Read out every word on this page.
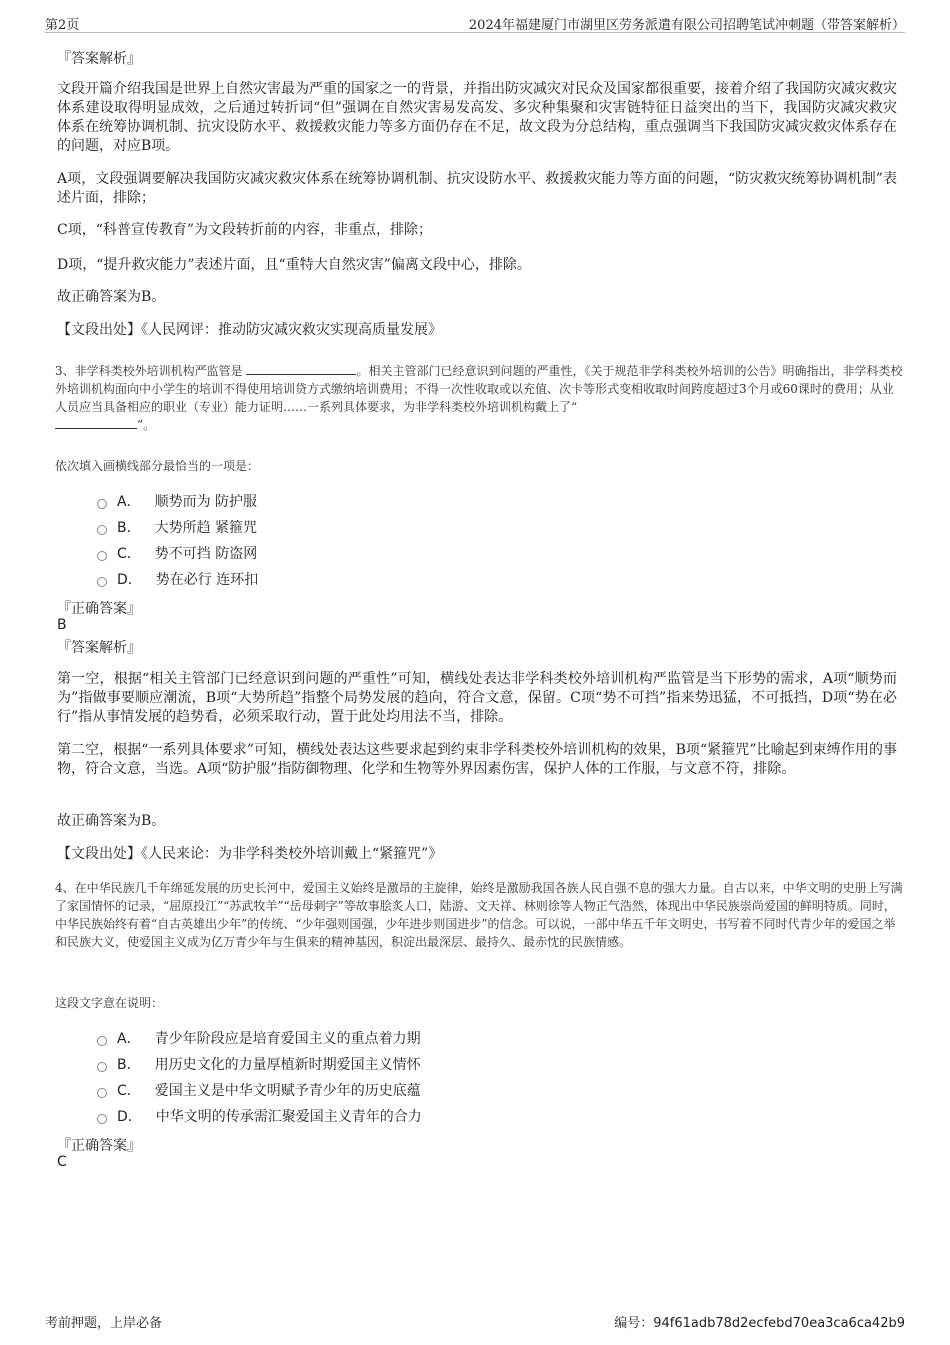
第2页	2024年福建厦门市湖里区劳务派遣有限公司招聘笔试冲刺题（带答案解析）
『答案解析』

文段开篇介绍我国是世界上自然灾害最为严重的国家之一的背景，并指出防灾减灾对民众及国家都很重要，接着介绍了我国防灾减灾救灾体系建设取得明显成效，之后通过转折词“但”强调在自然灾害易发高发、多灾种集聚和灾害链特征日益突出的当下，我国防灾减灾救灾体系在统筹协调机制、抗灾设防水平、救援救灾能力等多方面仍存在不足，故文段为分总结构，重点强调当下我国防灾减灾救灾体系存在的问题，对应B项。

A项，文段强调要解决我国防灾减灾救灾体系在统筹协调机制、抗灾设防水平、救援救灾能力等方面的问题，“防灾救灾统筹协调机制”表述片面，排除；

C项，“科普宣传教育”为文段转折前的内容，非重点，排除；

D项，“提升救灾能力”表述片面，且“重特大自然灾害”偏离文段中心，排除。

故正确答案为B。

【文段出处】《人民网评：推动防灾减灾救灾实现高质量发展》

3、非学科类校外培训机构严监管是	。相关主管部门已经意识到问题的严重性，《关于规范非学科类校外培训的公告》明确指出，非学科类校外培训机构面向中小学生的培训不得使用培训贷方式缴纳培训费用；不得一次性收取或以充值、次卡等形式变相收取时间跨度超过3个月或60课时的费用；从业人员应当具备相应的职业（专业）能力证明……一系列具体要求，为非学科类校外培训机构戴上了“
”。
依次填入画横线部分最恰当的一项是：
A． 顺势而为 防护服
B． 大势所趋 紧箍咒
C． 势不可挡 防盗网
D． 势在必行 连环扣
『正确答案』
B
『答案解析』

第一空，根据“相关主管部门已经意识到问题的严重性”可知，横线处表达非学科类校外培训机构严监管是当下形势的需求，A项“顺势而为”指做事要顺应潮流，B项“大势所趋”指整个局势发展的趋向，符合文意，保留。C项“势不可挡”指来势迅猛，不可抵挡，D项“势在必行”指从事情发展的趋势看，必须采取行动，置于此处均用法不当，排除。

第二空，根据“一系列具体要求”可知，横线处表达这些要求起到约束非学科类校外培训机构的效果，B项“紧箍咒”比喻起到束缚作用的事物，符合文意，当选。A项“防护服”指防御物理、化学和生物等外界因素伤害，保护人体的工作服，与文意不符，排除。

故正确答案为B。

【文段出处】《人民来论：为非学科类校外培训戴上“紧箍咒”》

4、在中华民族几千年绵延发展的历史长河中，爱国主义始终是激昂的主旋律，始终是激励我国各族人民自强不息的强大力量。自古以来，中华文明的史册上写满了家国情怀的记录，“屈原投江”“苏武牧羊”“岳母刺字”等故事脍炙人口，陆游、文天祥、林则徐等人物正气浩然，体现出中华民族崇尚爱国的鲜明特质。同时，中华民族始终有着“自古英雄出少年”的传统、“少年强则国强，少年进步则国进步”的信念。可以说，一部中华五千年文明史，书写着不同时代青少年的爱国之举和民族大义，使爱国主义成为亿万青少年与生俱来的精神基因，积淀出最深层、最持久、最赤忱的民族情感。
这段文字意在说明：
A． 青少年阶段应是培育爱国主义的重点着力期
B． 用历史文化的力量厚植新时期爱国主义情怀
C． 爱国主义是中华文明赋予青少年的历史底蕴
D． 中华文明的传承需汇聚爱国主义青年的合力
『正确答案』
C
考前押题，上岸必备	编号：94f61adb78d2ecfebd70ea3ca6ca42b9
